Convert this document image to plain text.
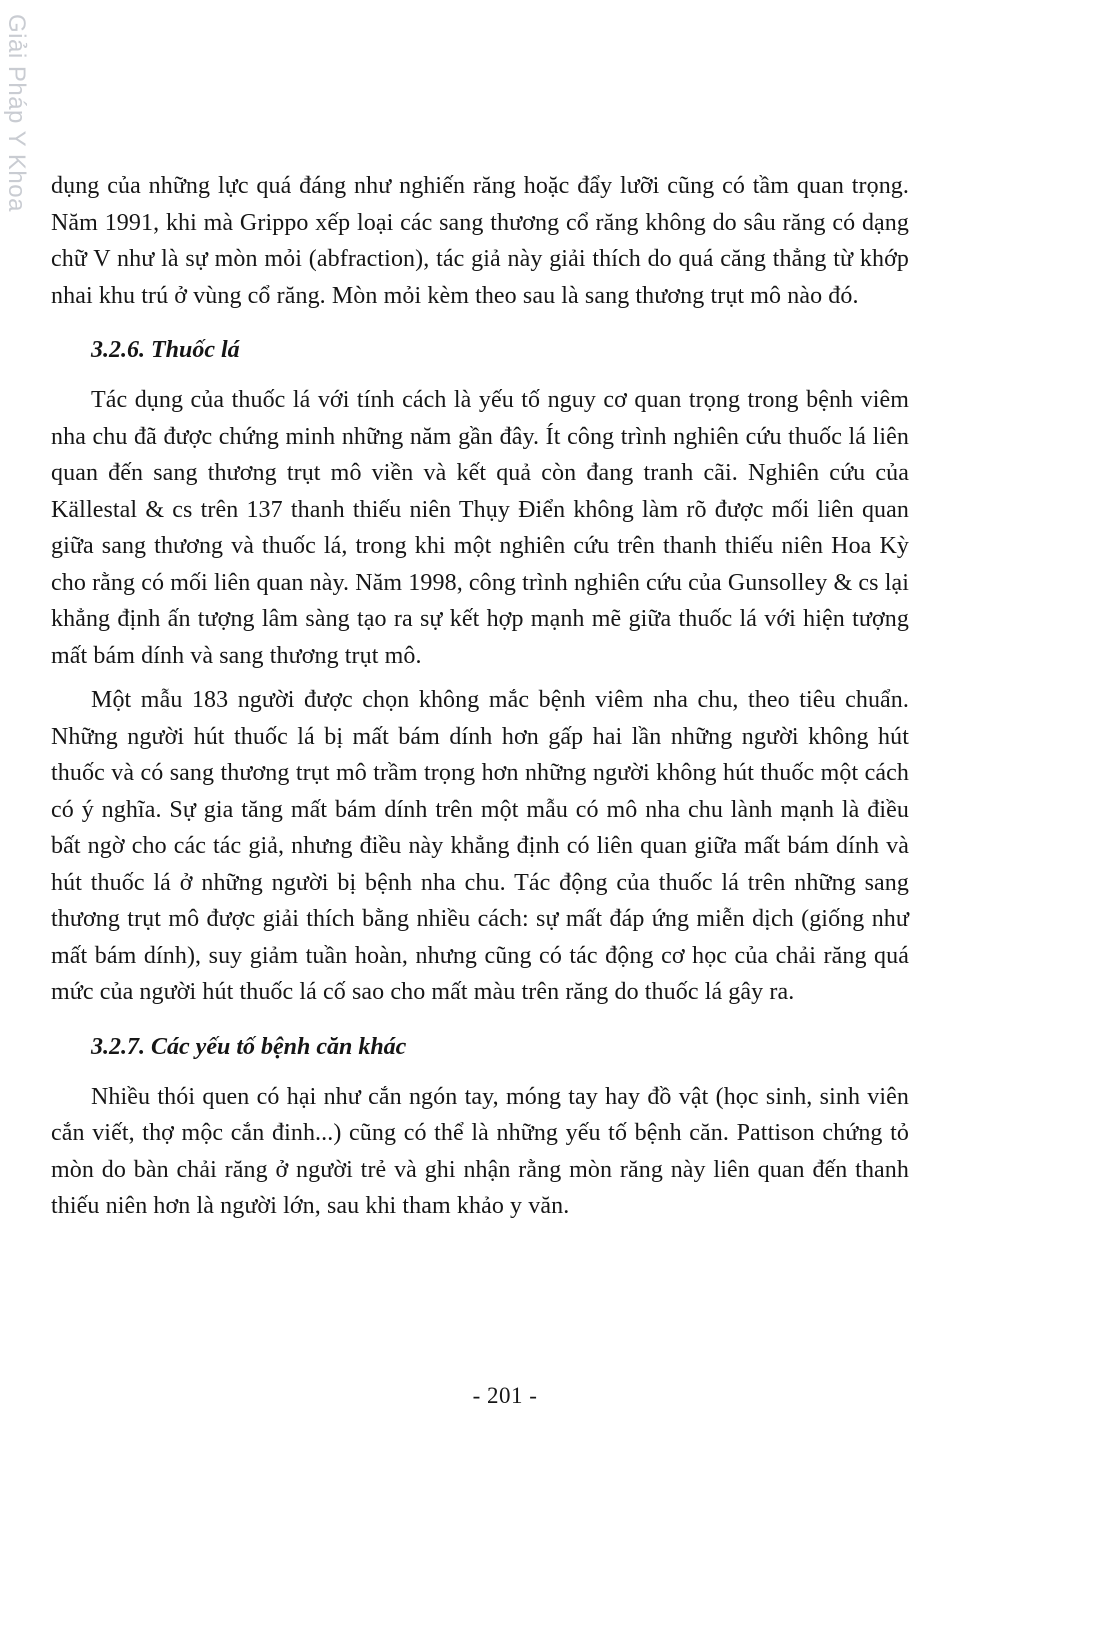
Giải Pháp Y Khoa dụng của những lực quá đáng như nghiến răng hoặc đẩy lưỡi cũng có tầm quan trọng. Năm 1991, khi mà Grippo xếp loại các sang thương cổ răng không do sâu răng có dạng chữ V như là sự mòn mỏi (abfraction), tác giả này giải thích do quá căng thẳng từ khớp nhai khu trú ở vùng cổ răng. Mòn mỏi kèm theo sau là sang thương trụt mô nào đó.

3.2.6. Thuốc lá

Tác dụng của thuốc lá với tính cách là yếu tố nguy cơ quan trọng trong bệnh viêm nha chu đã được chứng minh những năm gần đây. Ít công trình nghiên cứu thuốc lá liên quan đến sang thương trụt mô viền và kết quả còn đang tranh cãi. Nghiên cứu của Källestal & cs trên 137 thanh thiếu niên Thụy Điển không làm rõ được mối liên quan giữa sang thương và thuốc lá, trong khi một nghiên cứu trên thanh thiếu niên Hoa Kỳ cho rằng có mối liên quan này. Năm 1998, công trình nghiên cứu của Gunsolley & cs lại khẳng định ấn tượng lâm sàng tạo ra sự kết hợp mạnh mẽ giữa thuốc lá với hiện tượng mất bám dính và sang thương trụt mô.

Một mẫu 183 người được chọn không mắc bệnh viêm nha chu, theo tiêu chuẩn. Những người hút thuốc lá bị mất bám dính hơn gấp hai lần những người không hút thuốc và có sang thương trụt mô trầm trọng hơn những người không hút thuốc một cách có ý nghĩa. Sự gia tăng mất bám dính trên một mẫu có mô nha chu lành mạnh là điều bất ngờ cho các tác giả, nhưng điều này khẳng định có liên quan giữa mất bám dính và hút thuốc lá ở những người bị bệnh nha chu. Tác động của thuốc lá trên những sang thương trụt mô được giải thích bằng nhiều cách: sự mất đáp ứng miễn dịch (giống như mất bám dính), suy giảm tuần hoàn, nhưng cũng có tác động cơ học của chải răng quá mức của người hút thuốc lá cố sao cho mất màu trên răng do thuốc lá gây ra.

3.2.7. Các yếu tố bệnh căn khác

Nhiều thói quen có hại như cắn ngón tay, móng tay hay đồ vật (học sinh, sinh viên cắn viết, thợ mộc cắn đinh...) cũng có thể là những yếu tố bệnh căn. Pattison chứng tỏ mòn do bàn chải răng ở người trẻ và ghi nhận rằng mòn răng này liên quan đến thanh thiếu niên hơn là người lớn, sau khi tham khảo y văn.

- 201 -
